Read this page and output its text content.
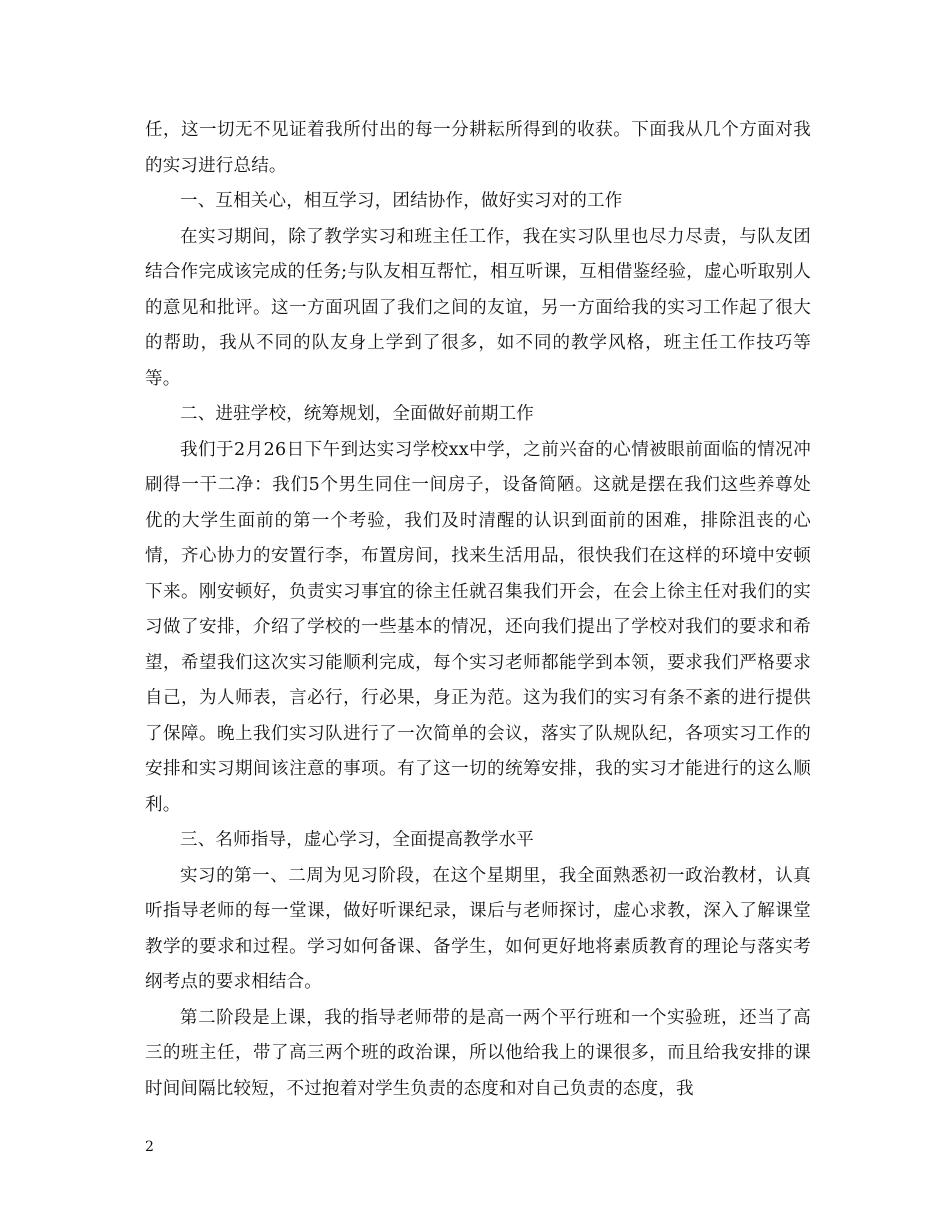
任，这一切无不见证着我所付出的每一分耕耘所得到的收获。下面我从几个方面对我的实习进行总结。

一、互相关心，相互学习，团结协作，做好实习对的工作

在实习期间，除了教学实习和班主任工作，我在实习队里也尽力尽责，与队友团结合作完成该完成的任务;与队友相互帮忙，相互听课，互相借鉴经验，虚心听取别人的意见和批评。这一方面巩固了我们之间的友谊，另一方面给我的实习工作起了很大的帮助，我从不同的队友身上学到了很多，如不同的教学风格，班主任工作技巧等等。

二、进驻学校，统筹规划，全面做好前期工作

我们于2月26日下午到达实习学校xx中学，之前兴奋的心情被眼前面临的情况冲刷得一干二净：我们5个男生同住一间房子，设备简陋。这就是摆在我们这些养尊处优的大学生面前的第一个考验，我们及时清醒的认识到面前的困难，排除沮丧的心情，齐心协力的安置行李，布置房间，找来生活用品，很快我们在这样的环境中安顿下来。刚安顿好，负责实习事宜的徐主任就召集我们开会，在会上徐主任对我们的实习做了安排，介绍了学校的一些基本的情况，还向我们提出了学校对我们的要求和希望，希望我们这次实习能顺利完成，每个实习老师都能学到本领，要求我们严格要求自己，为人师表，言必行，行必果，身正为范。这为我们的实习有条不紊的进行提供了保障。晚上我们实习队进行了一次简单的会议，落实了队规队纪，各项实习工作的安排和实习期间该注意的事项。有了这一切的统筹安排，我的实习才能进行的这么顺利。

三、名师指导，虚心学习，全面提高教学水平

实习的第一、二周为见习阶段，在这个星期里，我全面熟悉初一政治教材，认真听指导老师的每一堂课，做好听课纪录，课后与老师探讨，虚心求教，深入了解课堂教学的要求和过程。学习如何备课、备学生，如何更好地将素质教育的理论与落实考纲考点的要求相结合。

第二阶段是上课，我的指导老师带的是高一两个平行班和一个实验班，还当了高三的班主任，带了高三两个班的政治课，所以他给我上的课很多，而且给我安排的课时间间隔比较短，不过抱着对学生负责的态度和对自己负责的态度，我

2
